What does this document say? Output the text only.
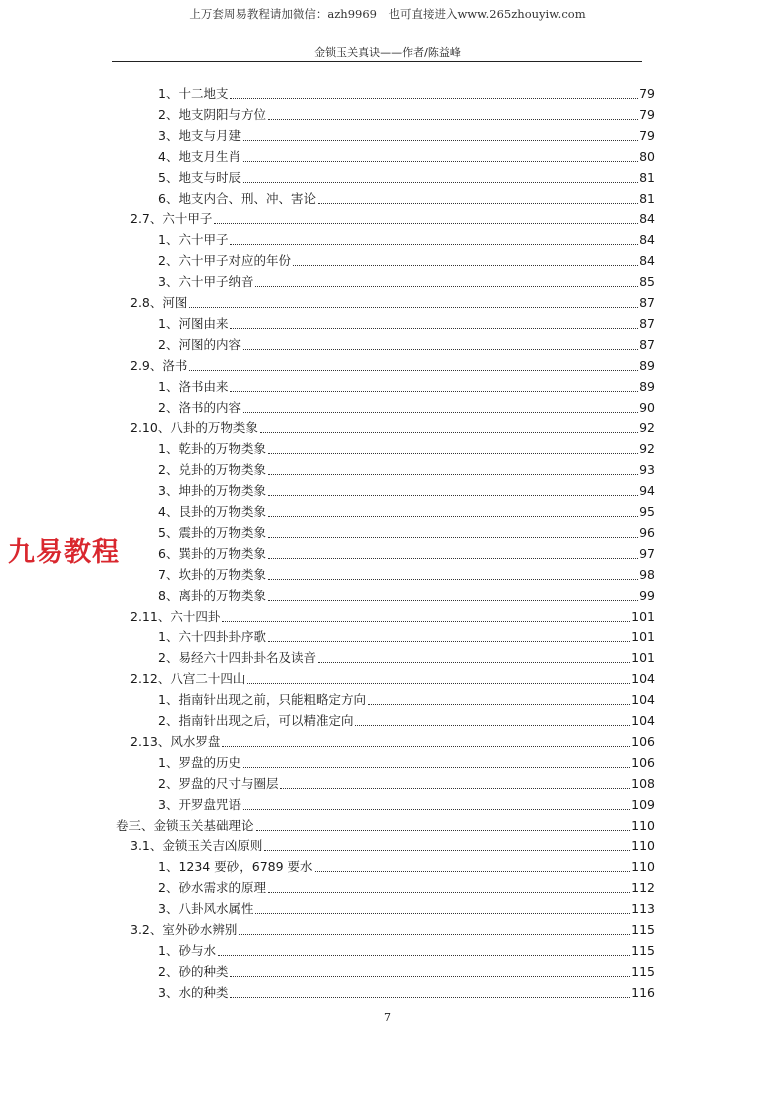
上万套周易教程请加微信：azh9969　也可直接进入www.265zhouyiw.com
金锁玉关真诀——作者/陈益峰
1、十二地支	79
2、地支阴阳与方位	79
3、地支与月建	79
4、地支月生肖	80
5、地支与时辰	81
6、地支内合、刑、冲、害论	81
2.7、六十甲子	84
1、六十甲子	84
2、六十甲子对应的年份	84
3、六十甲子纳音	85
2.8、河图	87
1、河图由来	87
2、河图的内容	87
2.9、洛书	89
1、洛书由来	89
2、洛书的内容	90
2.10、八卦的万物类象	92
1、乾卦的万物类象	92
2、兑卦的万物类象	93
3、坤卦的万物类象	94
4、艮卦的万物类象	95
5、震卦的万物类象	96
6、巽卦的万物类象	97
7、坎卦的万物类象	98
8、离卦的万物类象	99
2.11、六十四卦	101
1、六十四卦卦序歌	101
2、易经六十四卦卦名及读音	101
2.12、八宫二十四山	104
1、指南针出现之前，只能粗略定方向	104
2、指南针出现之后，可以精准定向	104
2.13、风水罗盘	106
1、罗盘的历史	106
2、罗盘的尺寸与圈层	108
3、开罗盘咒语	109
卷三、金锁玉关基础理论	110
3.1、金锁玉关吉凶原则	110
1、1234 要砂，6789 要水	110
2、砂水需求的原理	112
3、八卦风水属性	113
3.2、室外砂水辨别	115
1、砂与水	115
2、砂的种类	115
3、水的种类	116
九易教程
7
